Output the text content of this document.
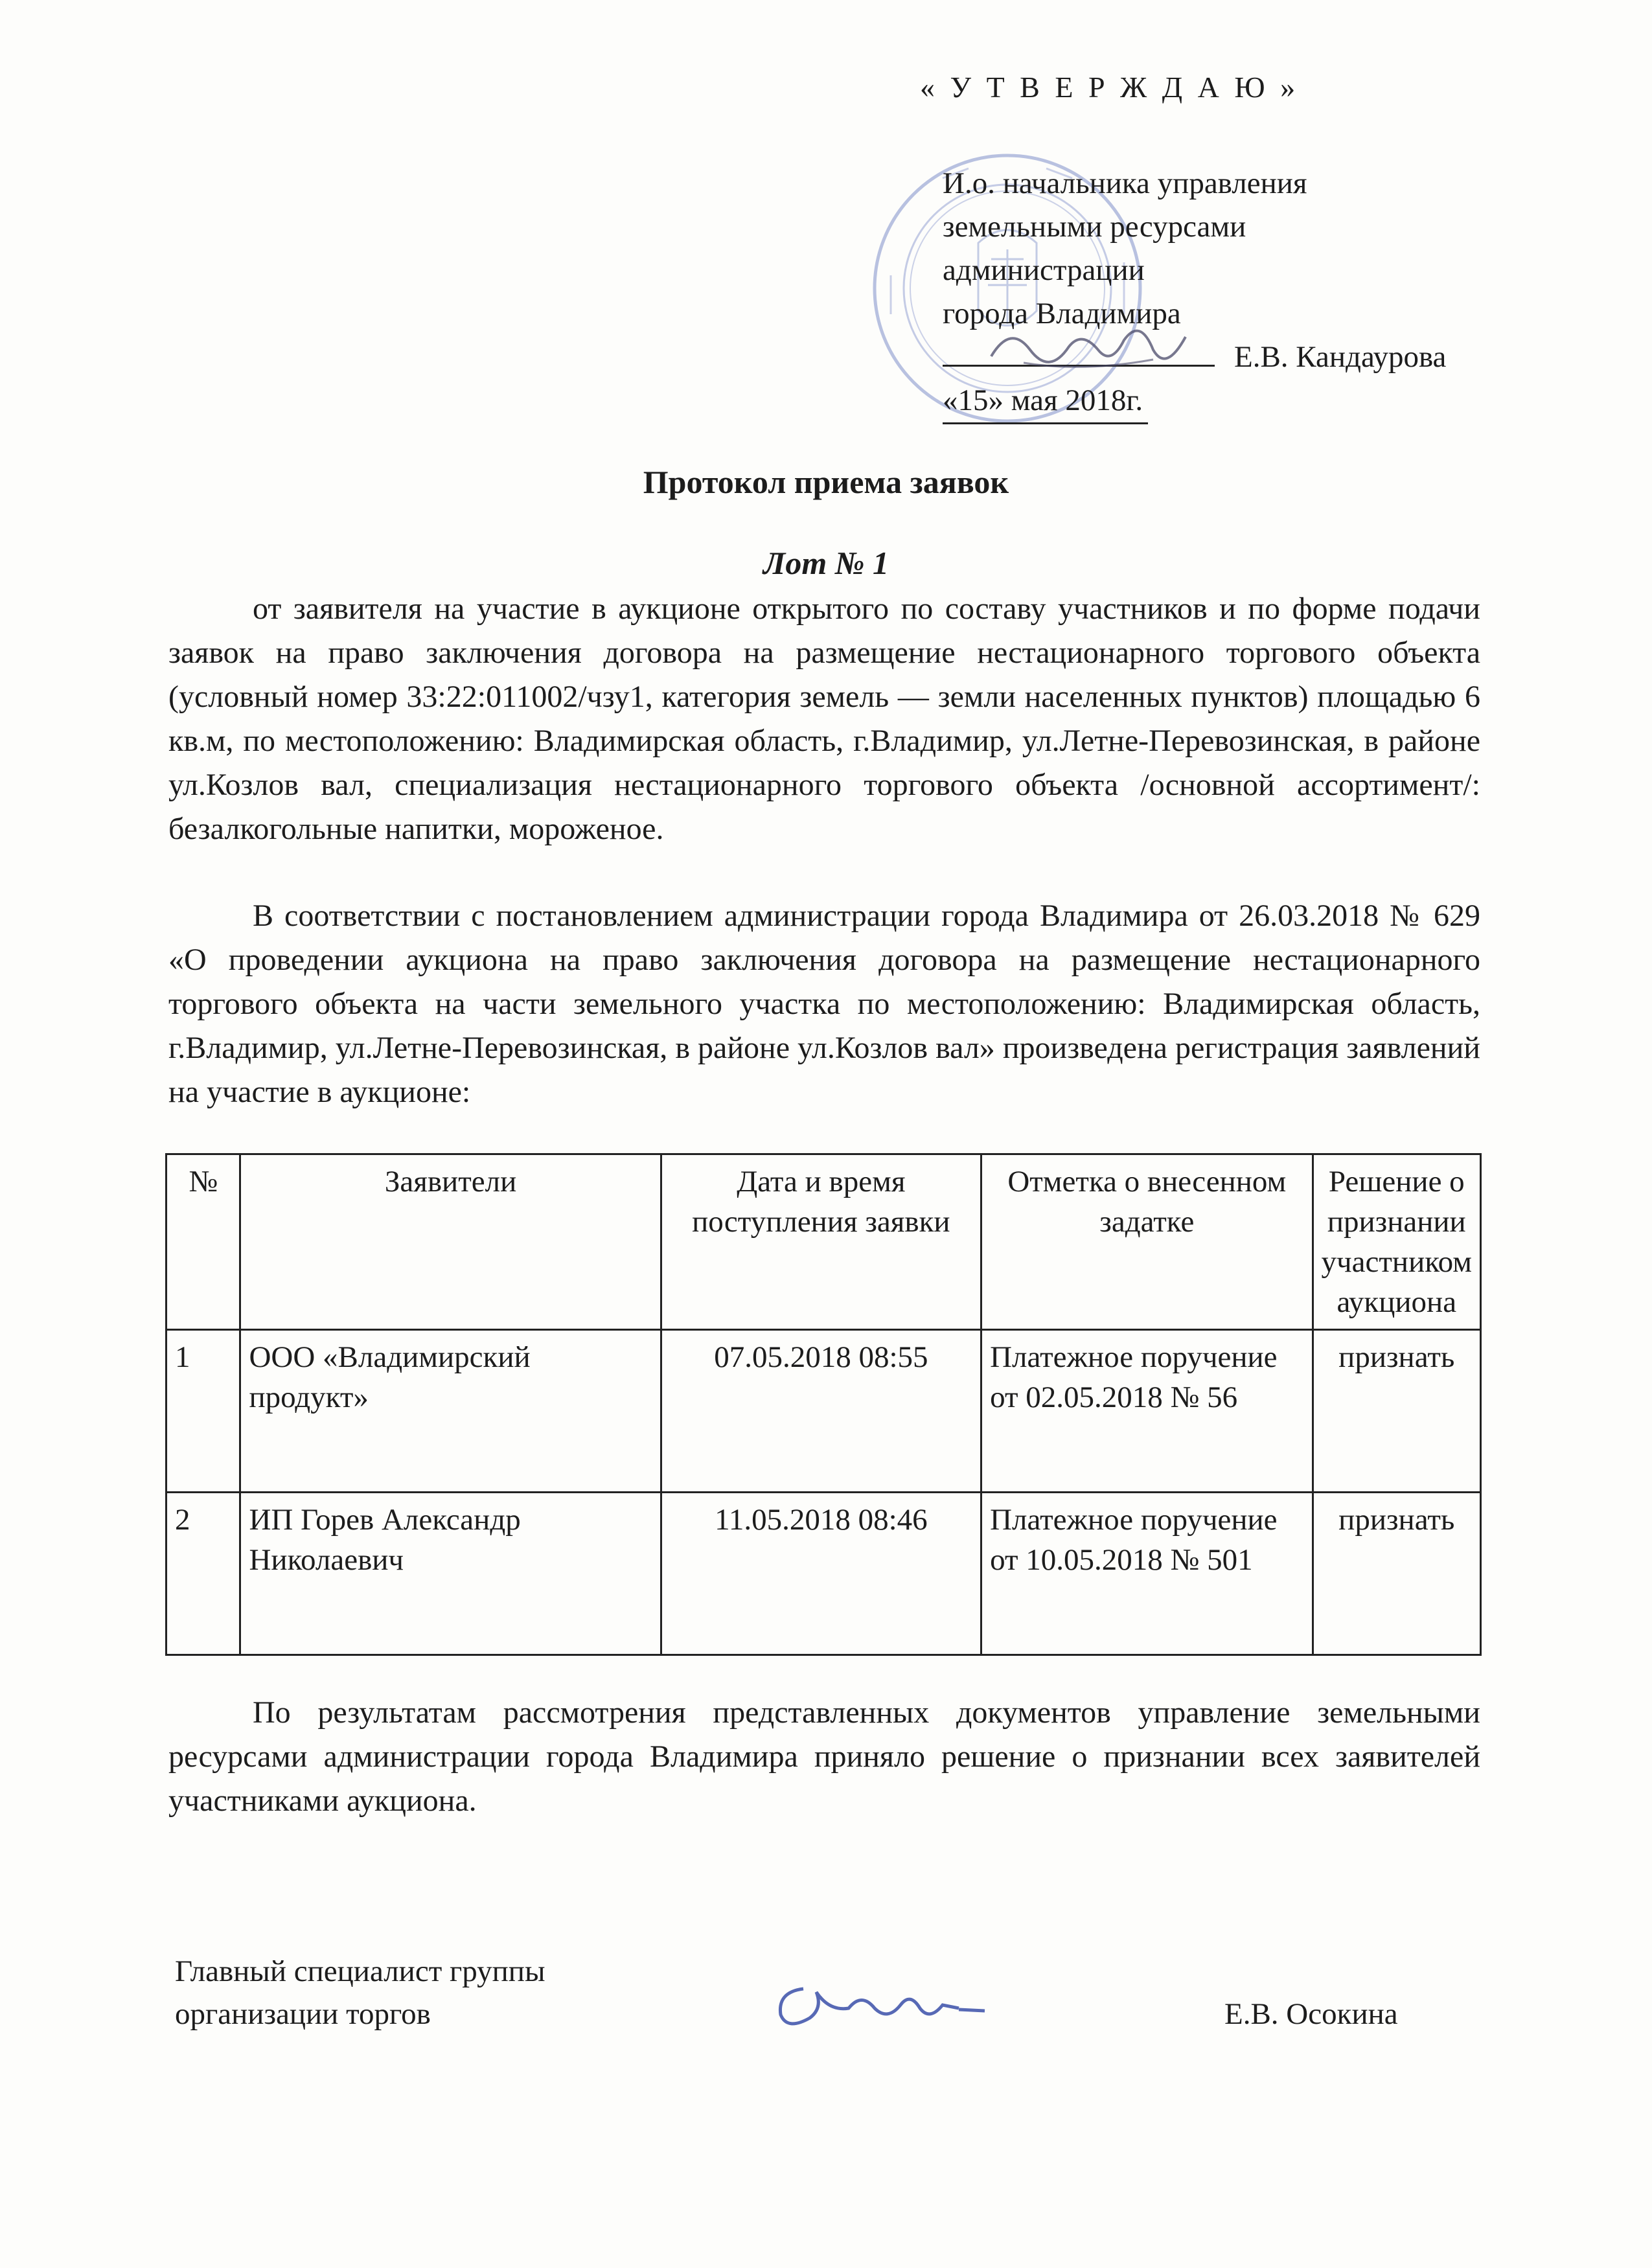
« У Т В Е Р Ж Д А Ю »
И.о. начальника управления
земельными ресурсами
администрации
города Владимира
Е.В. Кандаурова
«15» мая 2018г.
Протокол приема заявок
Лот № 1

от заявителя на участие в аукционе открытого по составу участников и по форме подачи заявок на право заключения договора на размещение нестационарного торгового объекта (условный номер 33:22:011002/чзу1, категория земель — земли населенных пунктов) площадью 6 кв.м, по местоположению: Владимирская область, г.Владимир, ул.Летне-Перевозинская, в районе ул.Козлов вал, специализация нестационарного торгового объекта /основной ассортимент/: безалкогольные напитки, мороженое.

В соответствии с постановлением администрации города Владимира от 26.03.2018 № 629 «О проведении аукциона на право заключения договора на размещение нестационарного торгового объекта на части земельного участка по местоположению: Владимирская область, г.Владимир, ул.Летне-Перевозинская, в районе ул.Козлов вал» произведена регистрация заявлений на участие в аукционе:

№	Заявители	Дата и время поступления заявки	Отметка о внесенном задатке	Решение о признании участником аукциона
1	ООО «Владимирский продукт»	07.05.2018 08:55	Платежное поручение от 02.05.2018 № 56	признать
2	ИП Горев Александр Николаевич	11.05.2018 08:46	Платежное поручение от 10.05.2018 № 501	признать

По результатам рассмотрения представленных документов управление земельными ресурсами администрации города Владимира приняло решение о признании всех заявителей участниками аукциона.

Главный специалист группы
организации торгов	Е.В. Осокина
